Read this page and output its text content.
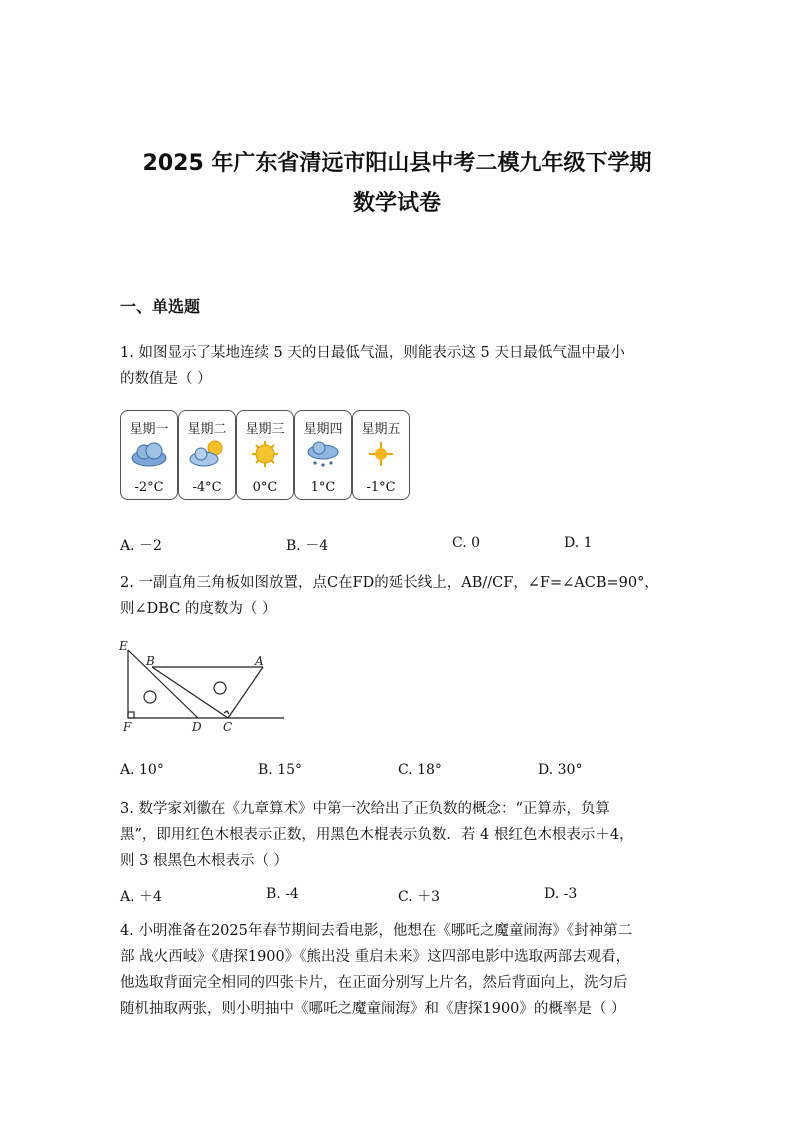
2025 年广东省清远市阳山县中考二模九年级下学期
数学试卷
一、单选题
1. 如图显示了某地连续 5 天的日最低气温，则能表示这 5 天日最低气温中最小
的数值是（ ）
星期一
-2°C
星期二
-4°C
星期三
0°C
星期四
1°C
星期五
-1°C
A. －2	B. －4	C. 0	D. 1
2. 一副直角三角板如图放置，点C在FD的延长线上，AB//CF，∠F=∠ACB=90°，
则∠DBC 的度数为（ ）
E
B	A
F	D C
A. 10°	B. 15°	C. 18°	D. 30°
3. 数学家刘徽在《九章算术》中第一次给出了正负数的概念：“正算赤，负算
黑”，即用红色木根表示正数，用黑色木棍表示负数．若 4 根红色木根表示＋4，
则 3 根黑色木根表示（ ）
A. ＋4	B. -4	C. ＋3	D. -3
4. 小明准备在2025年春节期间去看电影，他想在《哪吒之魔童闹海》《封神第二
部 战火西岐》《唐探1900》《熊出没 重启未来》这四部电影中选取两部去观看，
他选取背面完全相同的四张卡片，在正面分别写上片名，然后背面向上，洗匀后
随机抽取两张，则小明抽中《哪吒之魔童闹海》和《唐探1900》的概率是（ ）
